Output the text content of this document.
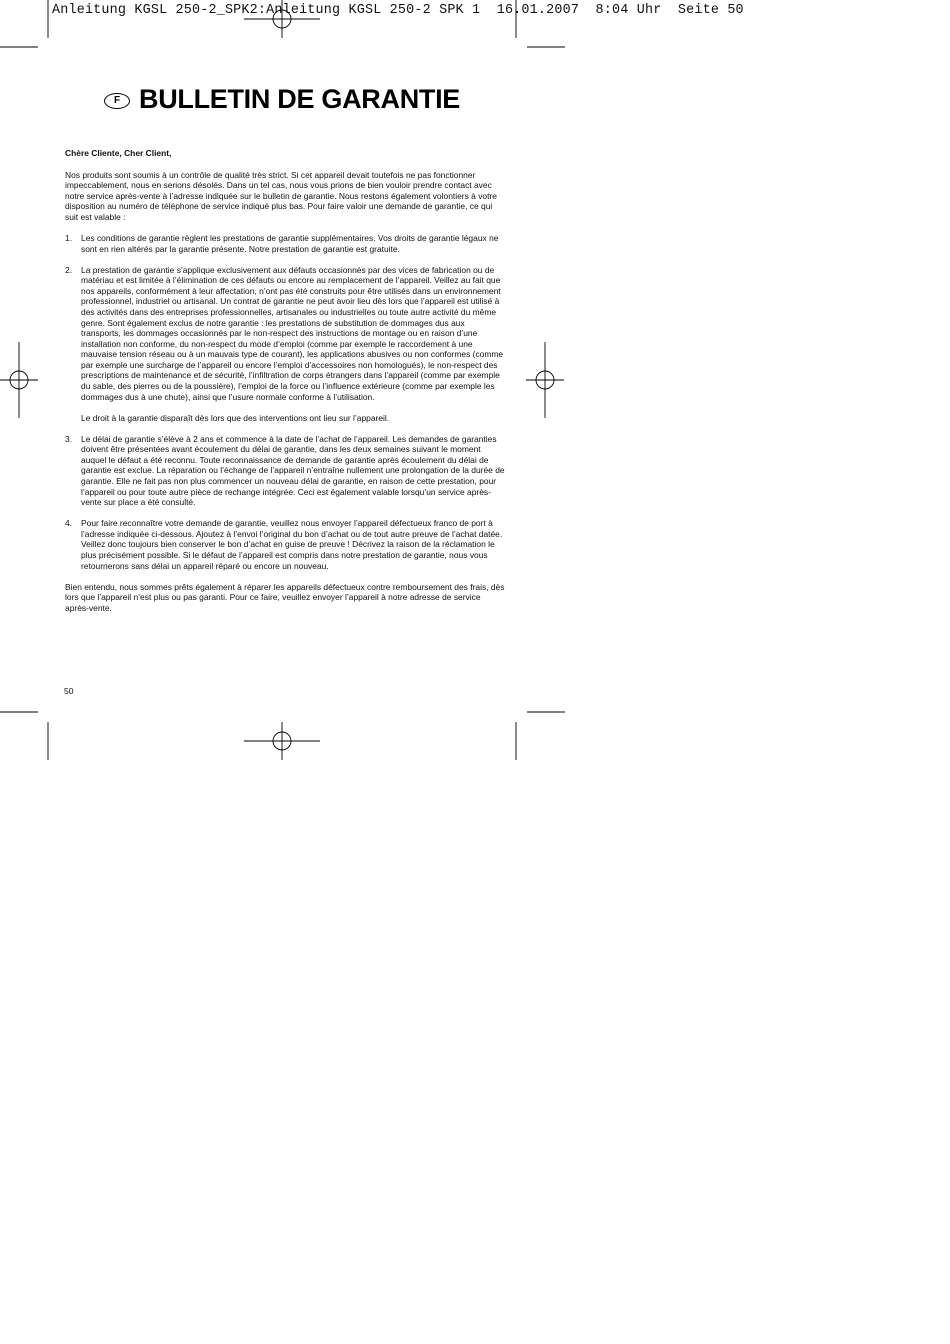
Anleitung KGSL 250-2_SPK2:Anleitung KGSL 250-2 SPK 1  16.01.2007  8:04 Uhr  Seite 50
F BULLETIN DE GARANTIE

Chère Cliente, Cher Client,

Nos produits sont soumis à un contrôle de qualité très strict. Si cet appareil devait toutefois ne pas fonctionner impeccablement, nous en serions désolés. Dans un tel cas, nous vous prions de bien vouloir prendre contact avec notre service après-vente à l’adresse indiquée sur le bulletin de garantie. Nous restons également volontiers à votre disposition au numéro de téléphone de service indiqué plus bas. Pour faire valoir une demande de garantie, ce qui suit est valable :

1.	Les conditions de garantie règlent les prestations de garantie supplémentaires. Vos droits de garantie légaux ne sont en rien altérés par la garantie présente. Notre prestation de garantie est gratuite.

2.	La prestation de garantie s’applique exclusivement aux défauts occasionnés par des vices de fabrication ou de matériau et est limitée à l’élimination de ces défauts ou encore au remplacement de l’appareil. Veillez au fait que nos appareils, conformément à leur affectation, n’ont pas été construits pour être utilisés dans un environnement professionnel, industriel ou artisanal. Un contrat de garantie ne peut avoir lieu dès lors que l’appareil est utilisé à des activités dans des entreprises professionnelles, artisanales ou industrielles ou toute autre activité du même genre. Sont également exclus de notre garantie : les prestations de substitution de dommages dus aux transports, les dommages occasionnés par le non-respect des instructions de montage ou en raison d’une installation non conforme, du non-respect du mode d’emploi (comme par exemple le raccordement à une mauvaise tension réseau ou à un mauvais type de courant), les applications abusives ou non conformes (comme par exemple une surcharge de l’appareil ou encore l’emploi d’accessoires non homologués), le non-respect des prescriptions de maintenance et de sécurité, l’infiltration de corps étrangers dans l’appareil (comme par exemple du sable, des pierres ou de la poussière), l’emploi de la force ou l’influence extérieure (comme par exemple les dommages dus à une chute), ainsi que l’usure normale conforme à l’utilisation.

Le droit à la garantie disparaît dès lors que des interventions ont lieu sur l’appareil.

3.	Le délai de garantie s’élève à 2 ans et commence à la date de l’achat de l’appareil. Les demandes de garanties doivent être présentées avant écoulement du délai de garantie, dans les deux semaines suivant le moment auquel le défaut a été reconnu. Toute reconnaissance de demande de garantie après écoulement du délai de garantie est exclue. La réparation ou l’échange de l’appareil n’entraîne nullement une prolongation de la durée de garantie. Elle ne fait pas non plus commencer un nouveau délai de garantie, en raison de cette prestation, pour l’appareil ou pour toute autre pièce de rechange intégrée. Ceci est également valable lorsqu’un service après-vente sur place a été consulté.

4.	Pour faire reconnaître votre demande de garantie, veuillez nous envoyer l’appareil défectueux franco de port à l’adresse indiquée ci-dessous. Ajoutez à l’envoi l’original du bon d’achat ou de tout autre preuve de l’achat datée. Veillez donc toujours bien conserver le bon d’achat en guise de preuve ! Décrivez la raison de la réclamation le plus précisément possible. Si le défaut de l’appareil est compris dans notre prestation de garantie, nous vous retournerons sans délai un appareil réparé ou encore un nouveau.

Bien entendu, nous sommes prêts également à réparer les appareils défectueux contre remboursement des frais, dès lors que l’appareil n’est plus ou pas garanti. Pour ce faire, veuillez envoyer l’appareil à notre adresse de service après-vente.

50
